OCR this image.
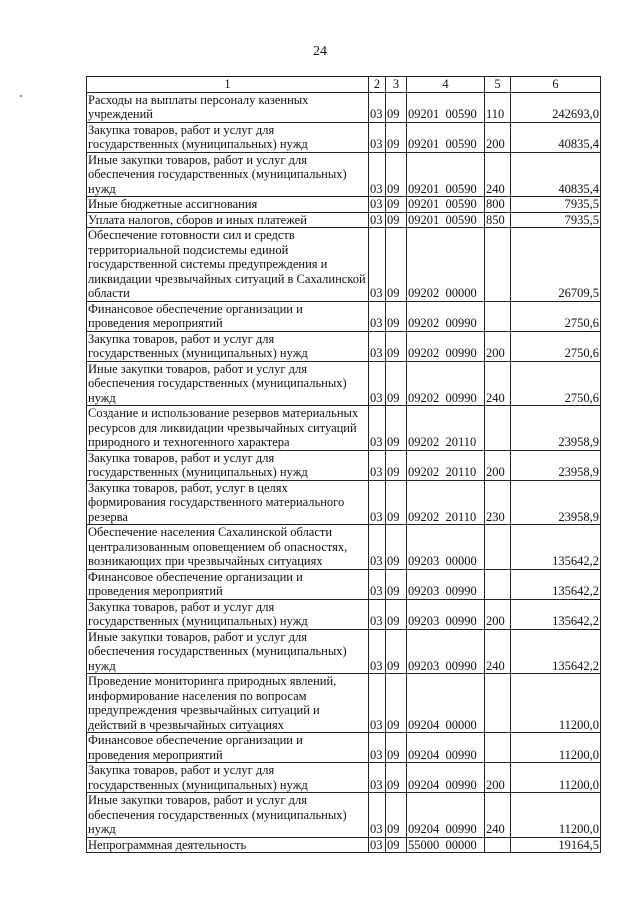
24
1	2	3	4	5	6
Расходы на выплаты персоналу казенных учреждений	03	09	09201  00590	110	242693,0
Закупка товаров, работ и услуг для государственных (муниципальных) нужд	03	09	09201  00590	200	40835,4
Иные закупки товаров, работ и услуг для обеспечения государственных (муниципальных) нужд	03	09	09201  00590	240	40835,4
Иные бюджетные ассигнования	03	09	09201  00590	800	7935,5
Уплата налогов, сборов и иных платежей	03	09	09201  00590	850	7935,5
Обеспечение готовности сил и средств территориальной подсистемы единой государственной системы предупреждения и ликвидации чрезвычайных ситуаций в Сахалинской области	03	09	09202  00000		26709,5
Финансовое обеспечение организации и проведения мероприятий	03	09	09202  00990		2750,6
Закупка товаров, работ и услуг для государственных (муниципальных) нужд	03	09	09202  00990	200	2750,6
Иные закупки товаров, работ и услуг для обеспечения государственных (муниципальных) нужд	03	09	09202  00990	240	2750,6
Создание и использование резервов материальных ресурсов для ликвидации чрезвычайных ситуаций природного и техногенного характера	03	09	09202  20110		23958,9
Закупка товаров, работ и услуг для государственных (муниципальных) нужд	03	09	09202  20110	200	23958,9
Закупка товаров, работ, услуг в целях формирования государственного материального резерва	03	09	09202  20110	230	23958,9
Обеспечение населения Сахалинской области централизованным оповещением об опасностях, возникающих при чрезвычайных ситуациях	03	09	09203  00000		135642,2
Финансовое обеспечение организации и проведения мероприятий	03	09	09203  00990		135642,2
Закупка товаров, работ и услуг для государственных (муниципальных) нужд	03	09	09203  00990	200	135642,2
Иные закупки товаров, работ и услуг для обеспечения государственных (муниципальных) нужд	03	09	09203  00990	240	135642,2
Проведение мониторинга природных явлений, информирование населения по вопросам предупреждения чрезвычайных ситуаций и действий в чрезвычайных ситуациях	03	09	09204  00000		11200,0
Финансовое обеспечение организации и проведения мероприятий	03	09	09204  00990		11200,0
Закупка товаров, работ и услуг для государственных (муниципальных) нужд	03	09	09204  00990	200	11200,0
Иные закупки товаров, работ и услуг для обеспечения государственных (муниципальных) нужд	03	09	09204  00990	240	11200,0
Непрограммная деятельность	03	09	55000  00000		19164,5
